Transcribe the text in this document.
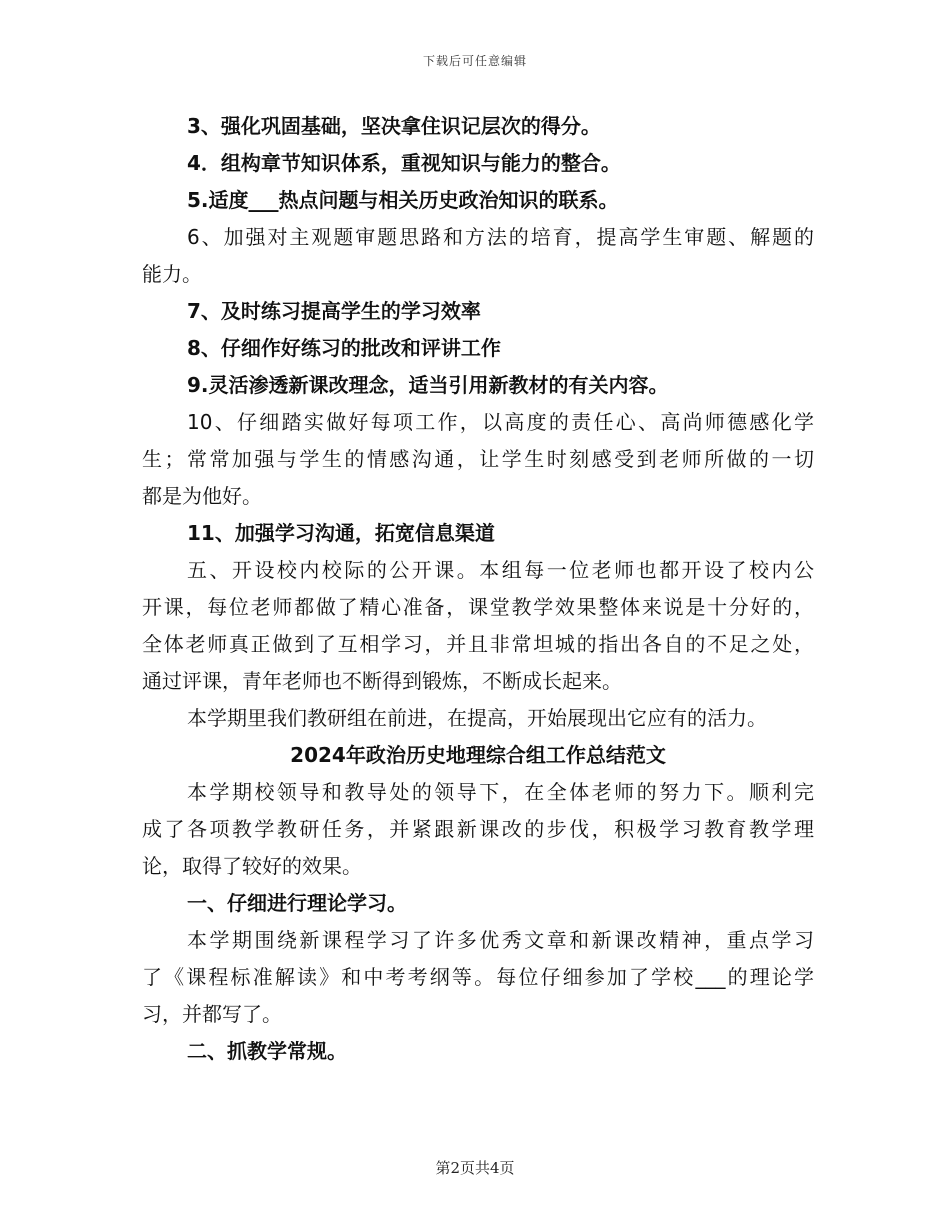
下载后可任意编辑

3、强化巩固基础，坚决拿住识记层次的得分。

4．组构章节知识体系，重视知识与能力的整合。

5.适度___热点问题与相关历史政治知识的联系。

6、加强对主观题审题思路和方法的培育，提高学生审题、解题的

能力。

7、及时练习提高学生的学习效率

8、仔细作好练习的批改和评讲工作

9.灵活渗透新课改理念，适当引用新教材的有关内容。

10、仔细踏实做好每项工作，以高度的责任心、高尚师德感化学

生；常常加强与学生的情感沟通，让学生时刻感受到老师所做的一切

都是为他好。

11、加强学习沟通，拓宽信息渠道

五、开设校内校际的公开课。本组每一位老师也都开设了校内公

开课，每位老师都做了精心准备，课堂教学效果整体来说是十分好的，

全体老师真正做到了互相学习，并且非常坦城的指出各自的不足之处，

通过评课，青年老师也不断得到锻炼，不断成长起来。

本学期里我们教研组在前进，在提高，开始展现出它应有的活力。

2024年政治历史地理综合组工作总结范文

本学期校领导和教导处的领导下，在全体老师的努力下。顺利完

成了各项教学教研任务，并紧跟新课改的步伐，积极学习教育教学理

论，取得了较好的效果。

一、仔细进行理论学习。

本学期围绕新课程学习了许多优秀文章和新课改精神，重点学习

了《课程标准解读》和中考考纲等。每位仔细参加了学校___的理论学

习，并都写了。

二、抓教学常规。

第2页共4页
